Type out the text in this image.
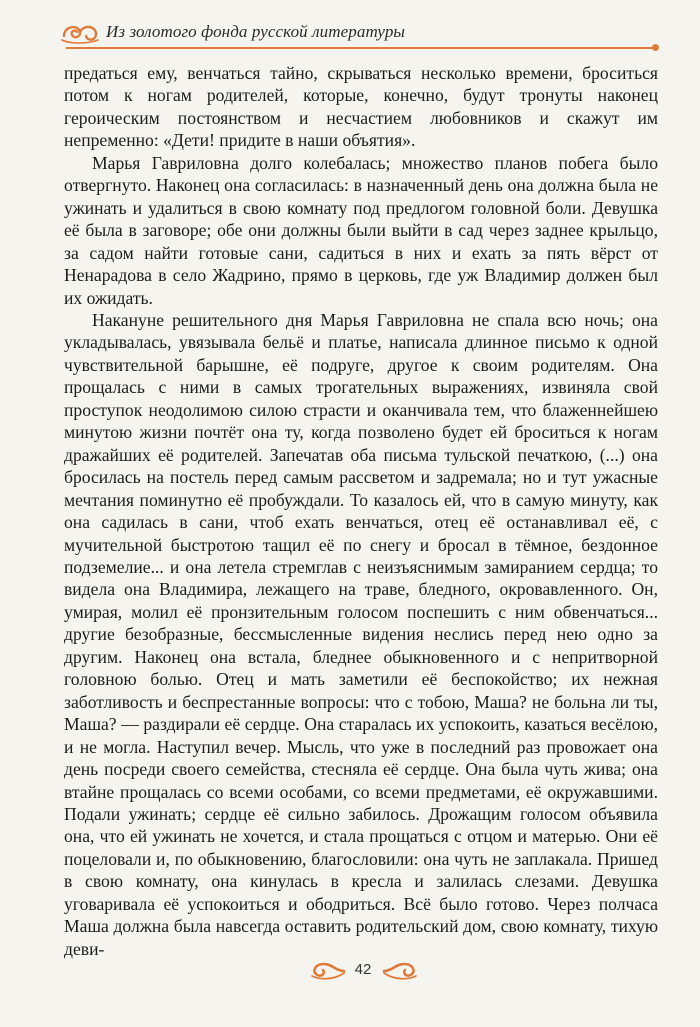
Из золотого фонда русской литературы

предаться ему, венчаться тайно, скрываться несколько времени, броситься потом к ногам родителей, которые, конечно, будут тронуты наконец героическим постоянством и несчастием любовников и скажут им непременно: «Дети! придите в наши объятия».

Марья Гавриловна долго колебалась; множество планов побега было отвергнуто. Наконец она согласилась: в назначенный день она должна была не ужинать и удалиться в свою комнату под предлогом головной боли. Девушка её была в заговоре; обе они должны были выйти в сад через заднее крыльцо, за садом найти готовые сани, садиться в них и ехать за пять вёрст от Ненарадова в село Жадрино, прямо в церковь, где уж Владимир должен был их ожидать.

Накануне решительного дня Марья Гавриловна не спала всю ночь; она укладывалась, увязывала бельё и платье, написала длинное письмо к одной чувствительной барышне, её подруге, другое к своим родителям. Она прощалась с ними в самых трогательных выражениях, извиняла свой проступок неодолимою силою страсти и оканчивала тем, что блаженнейшею минутою жизни почтёт она ту, когда позволено будет ей броситься к ногам дражайших её родителей. Запечатав оба письма тульской печаткою, (...) она бросилась на постель перед самым рассветом и задремала; но и тут ужасные мечтания поминутно её пробуждали. То казалось ей, что в самую минуту, как она садилась в сани, чтоб ехать венчаться, отец её останавливал её, с мучительной быстротою тащил её по снегу и бросал в тёмное, бездонное подземелие... и она летела стремглав с неизъяснимым замиранием сердца; то видела она Владимира, лежащего на траве, бледного, окровавленного. Он, умирая, молил её пронзительным голосом поспешить с ним обвенчаться... другие безобразные, бессмысленные видения неслись перед нею одно за другим. Наконец она встала, бледнее обыкновенного и с непритворной головною болью. Отец и мать заметили её беспокойство; их нежная заботливость и беспрестанные вопросы: что с тобою, Маша? не больна ли ты, Маша? — раздирали её сердце. Она старалась их успокоить, казаться весёлою, и не могла. Наступил вечер. Мысль, что уже в последний раз провожает она день посреди своего семейства, стесняла её сердце. Она была чуть жива; она втайне прощалась со всеми особами, со всеми предметами, её окружавшими. Подали ужинать; сердце её сильно забилось. Дрожащим голосом объявила она, что ей ужинать не хочется, и стала прощаться с отцом и матерью. Они её поцеловали и, по обыкновению, благословили: она чуть не заплакала. Пришед в свою комнату, она кинулась в кресла и залилась слезами. Девушка уговаривала её успокоиться и ободриться. Всё было готово. Через полчаса Маша должна была навсегда оставить родительский дом, свою комнату, тихую деви-

42
